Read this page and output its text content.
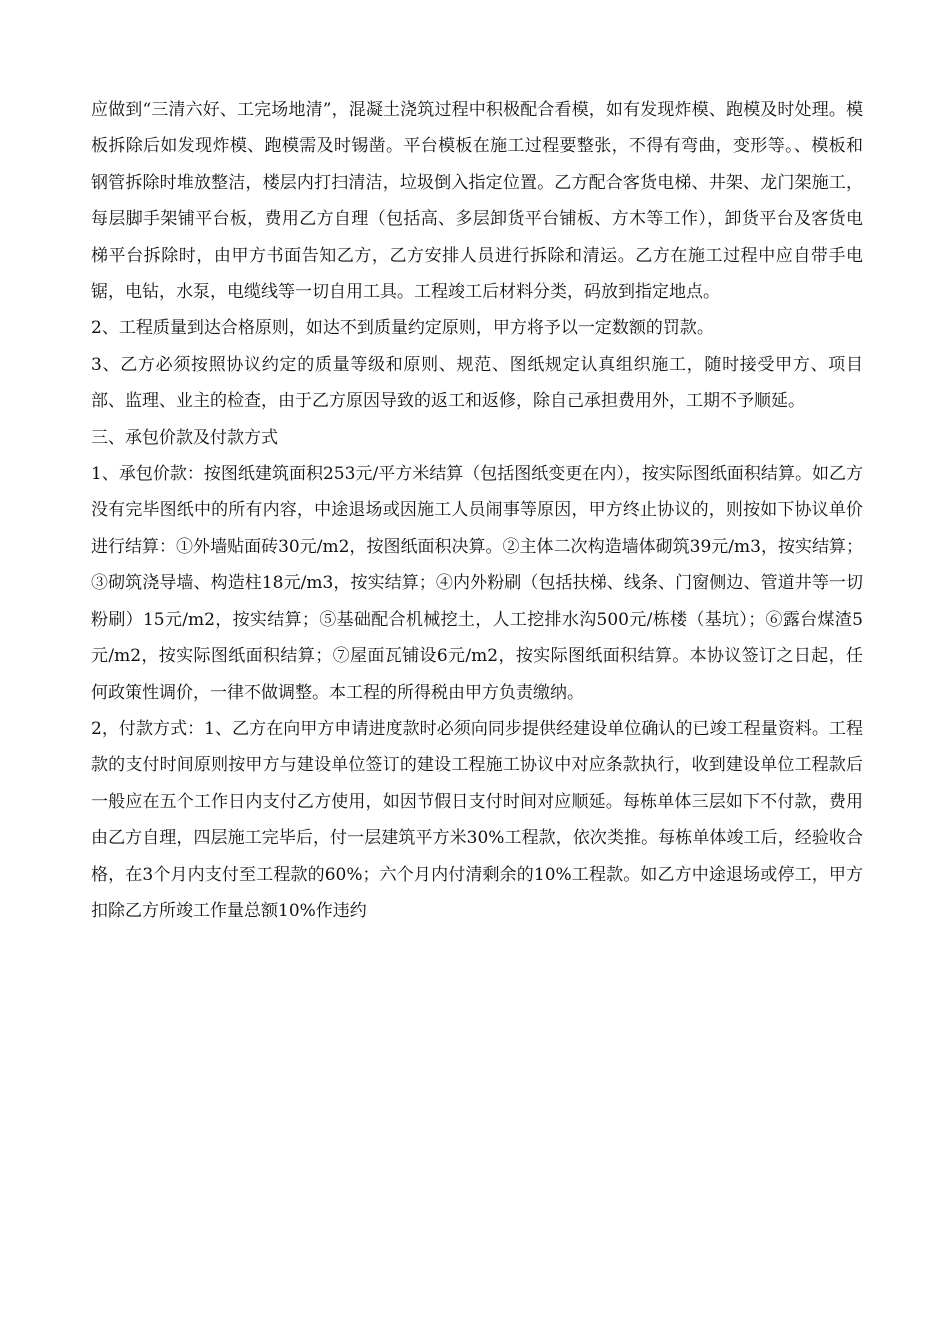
应做到“三清六好、工完场地清”，混凝土浇筑过程中积极配合看模，如有发现炸模、跑模及时处理。模板拆除后如发现炸模、跑模需及时锡凿。平台模板在施工过程要整张，不得有弯曲，变形等。、模板和钢管拆除时堆放整洁，楼层内打扫清洁，垃圾倒入指定位置。乙方配合客货电梯、井架、龙门架施工，每层脚手架铺平台板，费用乙方自理（包括高、多层卸货平台铺板、方木等工作），卸货平台及客货电梯平台拆除时，由甲方书面告知乙方，乙方安排人员进行拆除和清运。乙方在施工过程中应自带手电锯，电钻，水泵，电缆线等一切自用工具。工程竣工后材料分类，码放到指定地点。

2、工程质量到达合格原则，如达不到质量约定原则，甲方将予以一定数额的罚款。

3、乙方必须按照协议约定的质量等级和原则、规范、图纸规定认真组织施工，随时接受甲方、项目部、监理、业主的检查，由于乙方原因导致的返工和返修，除自己承担费用外，工期不予顺延。

三、承包价款及付款方式

1、承包价款：按图纸建筑面积253元/平方米结算（包括图纸变更在内），按实际图纸面积结算。如乙方没有完毕图纸中的所有内容，中途退场或因施工人员闹事等原因，甲方终止协议的，则按如下协议单价进行结算：①外墙贴面砖30元/m2，按图纸面积决算。②主体二次构造墙体砌筑39元/m3，按实结算；③砌筑浇导墙、构造柱18元/m3，按实结算；④内外粉刷（包括扶梯、线条、门窗侧边、管道井等一切粉刷）15元/m2，按实结算；⑤基础配合机械挖土，人工挖排水沟500元/栋楼（基坑）；⑥露台煤渣5元/m2，按实际图纸面积结算；⑦屋面瓦铺设6元/m2，按实际图纸面积结算。本协议签订之日起，任何政策性调价，一律不做调整。本工程的所得税由甲方负责缴纳。

2，付款方式：1、乙方在向甲方申请进度款时必须向同步提供经建设单位确认的已竣工程量资料。工程款的支付时间原则按甲方与建设单位签订的建设工程施工协议中对应条款执行，收到建设单位工程款后一般应在五个工作日内支付乙方使用，如因节假日支付时间对应顺延。每栋单体三层如下不付款，费用由乙方自理，四层施工完毕后，付一层建筑平方米30%工程款，依次类推。每栋单体竣工后，经验收合格，在3个月内支付至工程款的60%；六个月内付清剩余的10%工程款。如乙方中途退场或停工，甲方扣除乙方所竣工作量总额10%作违约
